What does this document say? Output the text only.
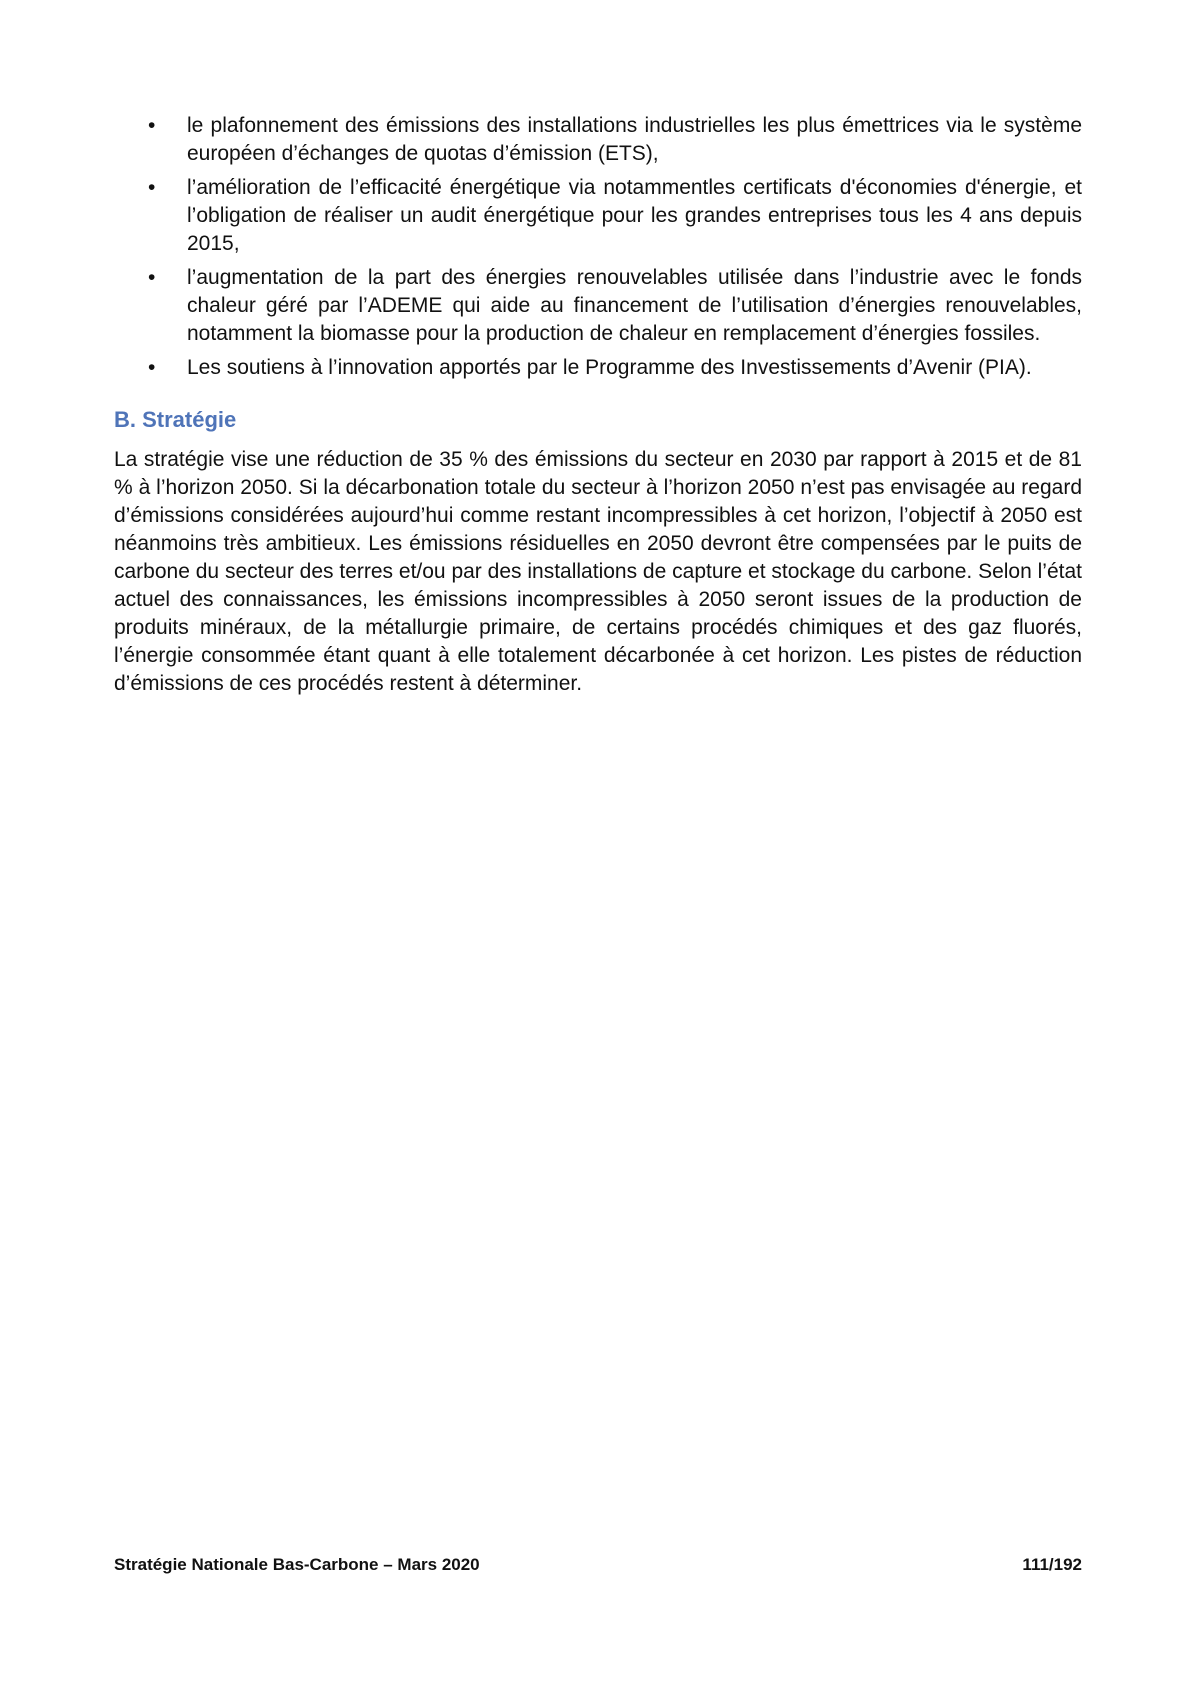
• le plafonnement des émissions des installations industrielles les plus émettrices via le système européen d’échanges de quotas d’émission (ETS),
• l’amélioration de l’efficacité énergétique via notammentles certificats d'économies d'énergie, et l’obligation de réaliser un audit énergétique pour les grandes entreprises tous les 4 ans depuis 2015,
• l’augmentation de la part des énergies renouvelables utilisée dans l’industrie avec le fonds chaleur géré par l’ADEME qui aide au financement de l’utilisation d’énergies renouvelables, notamment la biomasse pour la production de chaleur en remplacement d’énergies fossiles.
• Les soutiens à l’innovation apportés par le Programme des Investissements d’Avenir (PIA).
B. Stratégie

La stratégie vise une réduction de 35 % des émissions du secteur en 2030 par rapport à 2015 et de 81 % à l’horizon 2050. Si la décarbonation totale du secteur à l’horizon 2050 n’est pas envisagée au regard d’émissions considérées aujourd’hui comme restant incompressibles à cet horizon, l’objectif à 2050 est néanmoins très ambitieux. Les émissions résiduelles en 2050 devront être compensées par le puits de carbone du secteur des terres et/ou par des installations de capture et stockage du carbone. Selon l’état actuel des connaissances, les émissions incompressibles à 2050 seront issues de la production de produits minéraux, de la métallurgie primaire, de certains procédés chimiques et des gaz fluorés, l’énergie consommée étant quant à elle totalement décarbonée à cet horizon. Les pistes de réduction d’émissions de ces procédés restent à déterminer.

Stratégie Nationale Bas-Carbone – Mars 2020	111/192
